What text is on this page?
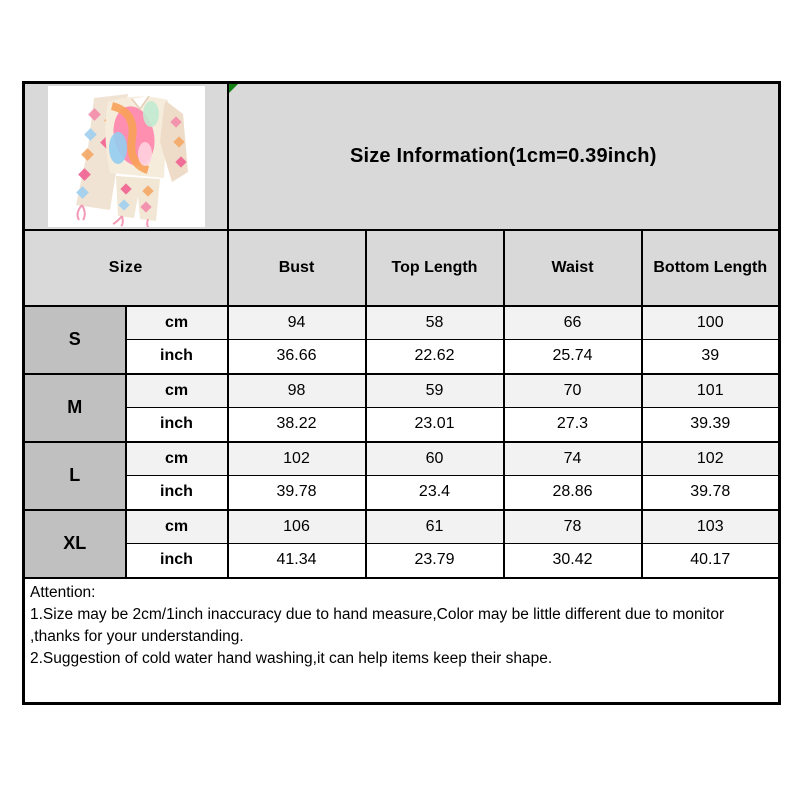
Size Information(1cm=0.39inch)			
Size		Bust	Top Length	Waist	Bottom Length
S	cm	94	58	66	100
	inch	36.66	22.62	25.74	39
M	cm	98	59	70	101
	inch	38.22	23.01	27.3	39.39
L	cm	102	60	74	102
	inch	39.78	23.4	28.86	39.78
XL	cm	106	61	78	103
	inch	41.34	23.79	30.42	40.17

Attention:
1.Size may be 2cm/1inch inaccuracy due to hand measure,Color may be little different due to monitor
,thanks for your understanding.
2.Suggestion of cold water hand washing,it can help items keep their shape.					
